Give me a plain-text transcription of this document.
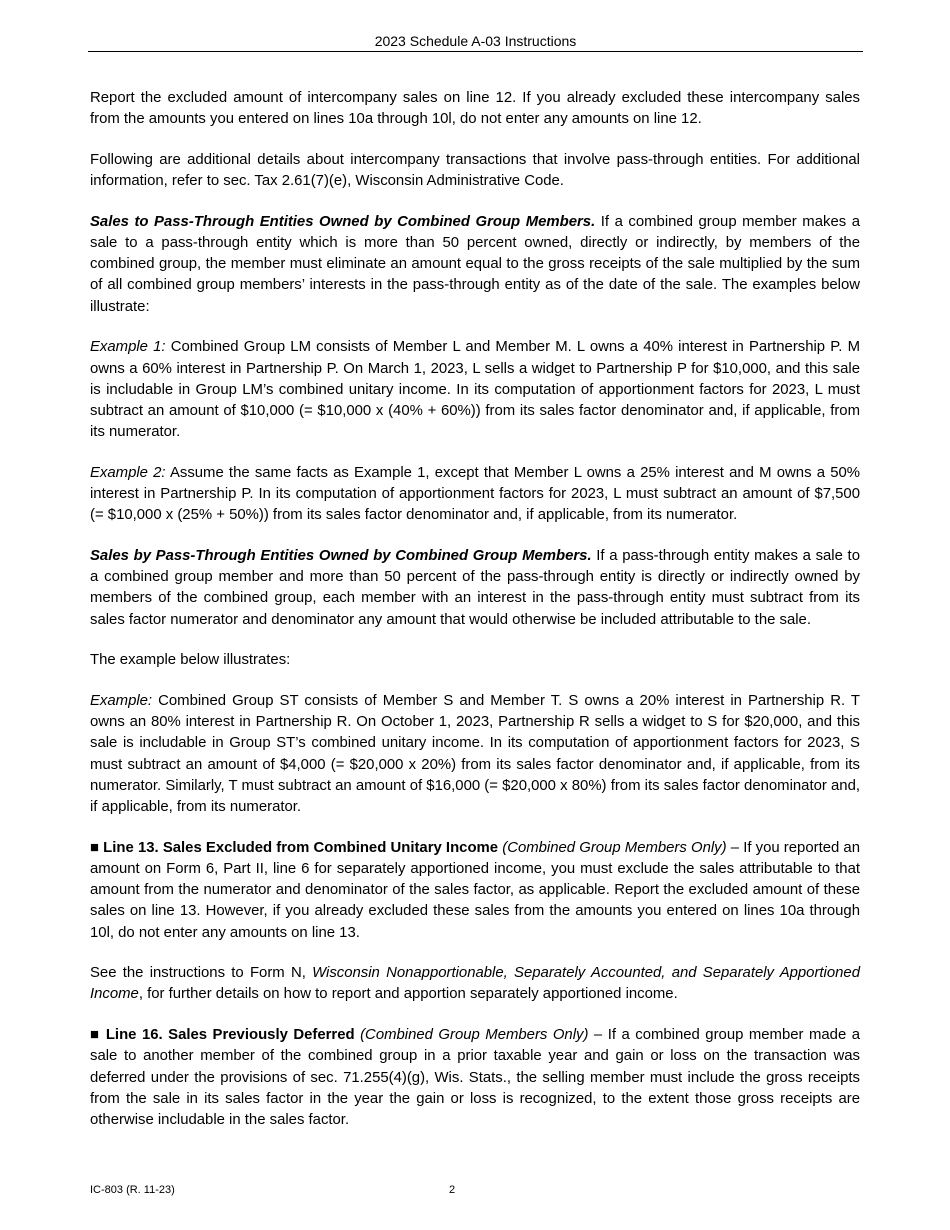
2023 Schedule A-03 Instructions

Report the excluded amount of intercompany sales on line 12. If you already excluded these intercompany sales from the amounts you entered on lines 10a through 10l, do not enter any amounts on line 12.

Following are additional details about intercompany transactions that involve pass-through entities. For additional information, refer to sec. Tax 2.61(7)(e), Wisconsin Administrative Code.

Sales to Pass-Through Entities Owned by Combined Group Members. If a combined group member makes a sale to a pass-through entity which is more than 50 percent owned, directly or indirectly, by members of the combined group, the member must eliminate an amount equal to the gross receipts of the sale multiplied by the sum of all combined group members’ interests in the pass-through entity as of the date of the sale. The examples below illustrate:

Example 1: Combined Group LM consists of Member L and Member M. L owns a 40% interest in Partnership P. M owns a 60% interest in Partnership P. On March 1, 2023, L sells a widget to Partnership P for $10,000, and this sale is includable in Group LM’s combined unitary income. In its computation of apportionment factors for 2023, L must subtract an amount of $10,000 (= $10,000 x (40% + 60%)) from its sales factor denominator and, if applicable, from its numerator.

Example 2: Assume the same facts as Example 1, except that Member L owns a 25% interest and M owns a 50% interest in Partnership P. In its computation of apportionment factors for 2023, L must subtract an amount of $7,500 (= $10,000 x (25% + 50%)) from its sales factor denominator and, if applicable, from its numerator.

Sales by Pass-Through Entities Owned by Combined Group Members. If a pass-through entity makes a sale to a combined group member and more than 50 percent of the pass-through entity is directly or indirectly owned by members of the combined group, each member with an interest in the pass-through entity must subtract from its sales factor numerator and denominator any amount that would otherwise be included attributable to the sale.

The example below illustrates:

Example: Combined Group ST consists of Member S and Member T. S owns a 20% interest in Partnership R. T owns an 80% interest in Partnership R. On October 1, 2023, Partnership R sells a widget to S for $20,000, and this sale is includable in Group ST’s combined unitary income. In its computation of apportionment factors for 2023, S must subtract an amount of $4,000 (= $20,000 x 20%) from its sales factor denominator and, if applicable, from its numerator. Similarly, T must subtract an amount of $16,000 (= $20,000 x 80%) from its sales factor denominator and, if applicable, from its numerator.

■ Line 13. Sales Excluded from Combined Unitary Income (Combined Group Members Only) – If you reported an amount on Form 6, Part II, line 6 for separately apportioned income, you must exclude the sales attributable to that amount from the numerator and denominator of the sales factor, as applicable. Report the excluded amount of these sales on line 13. However, if you already excluded these sales from the amounts you entered on lines 10a through 10l, do not enter any amounts on line 13.

See the instructions to Form N, Wisconsin Nonapportionable, Separately Accounted, and Separately Apportioned Income, for further details on how to report and apportion separately apportioned income.

■ Line 16. Sales Previously Deferred (Combined Group Members Only) – If a combined group member made a sale to another member of the combined group in a prior taxable year and gain or loss on the transaction was deferred under the provisions of sec. 71.255(4)(g), Wis. Stats., the selling member must include the gross receipts from the sale in its sales factor in the year the gain or loss is recognized, to the extent those gross receipts are otherwise includable in the sales factor.

IC-803 (R. 11-23)	2
